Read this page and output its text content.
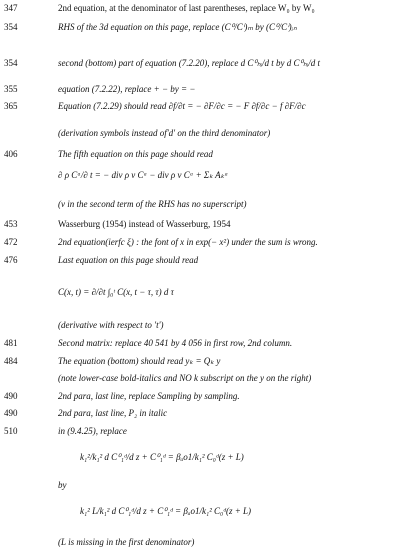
347	2nd equation, at the denominator of last parentheses, replace W₀ by W₀
354	RHS of the 3d equation on this page, replace (C⁰/Cⁱ)ₘ by (C⁰/Cⁱ)ᵢₙ
354	second (bottom) part of equation (7.2.20), replace d C⁰ₕᵢ/d t by d C⁰ₕᵢ/d t
355	equation (7.2.22), replace + − by = −
365	Equation (7.2.29) should read ∂f/∂t = − ∂F/∂c = − F ∂f/∂c − f ∂F/∂c
(derivation symbols instead of'd' on the third denominator)
406	The fifth equation on this page should read
∂ ρ Cᵃ/∂ t = − div ρ ν Cᵃ − div ρ ν Cᵃ + Σₖ Aₖᵃ
(ν in the second term of the RHS has no superscript)
453	Wasserburg (1954) instead of Wasserburg, 1954
472	2nd equation(ierfc ξ) : the font of x in exp(− x²) under the sum is wrong.
476	Last equation on this page should read
C(x, t) = ∂/∂t ∫₀ᵗ C(x, t − τ, τ) d τ
(derivative with respect to 't')
481	Second matrix: replace 40 541 by 4 056 in first row, 2nd column.
484	The equation (bottom) should read yₖ = Qₖ y
(note lower-case bold-italics and NO k subscript on the y on the right)
490	2nd para, last line, replace Sampling by sampling.
490	2nd para, last line, P₂ in italic
510	in (9.4.25), replace
k₁²/k₁² d C⁰₁ᵈ/d z + C⁰₁ᵈ = βₐo1/k₁² C₀ᵈ(z + L)
by
k₁² L/k₁² d C⁰₁ᵈ/d z + C⁰₁ᵈ = βₐo1/k₁² C₀ᵈ(z + L)
(L is missing in the first denominator)
